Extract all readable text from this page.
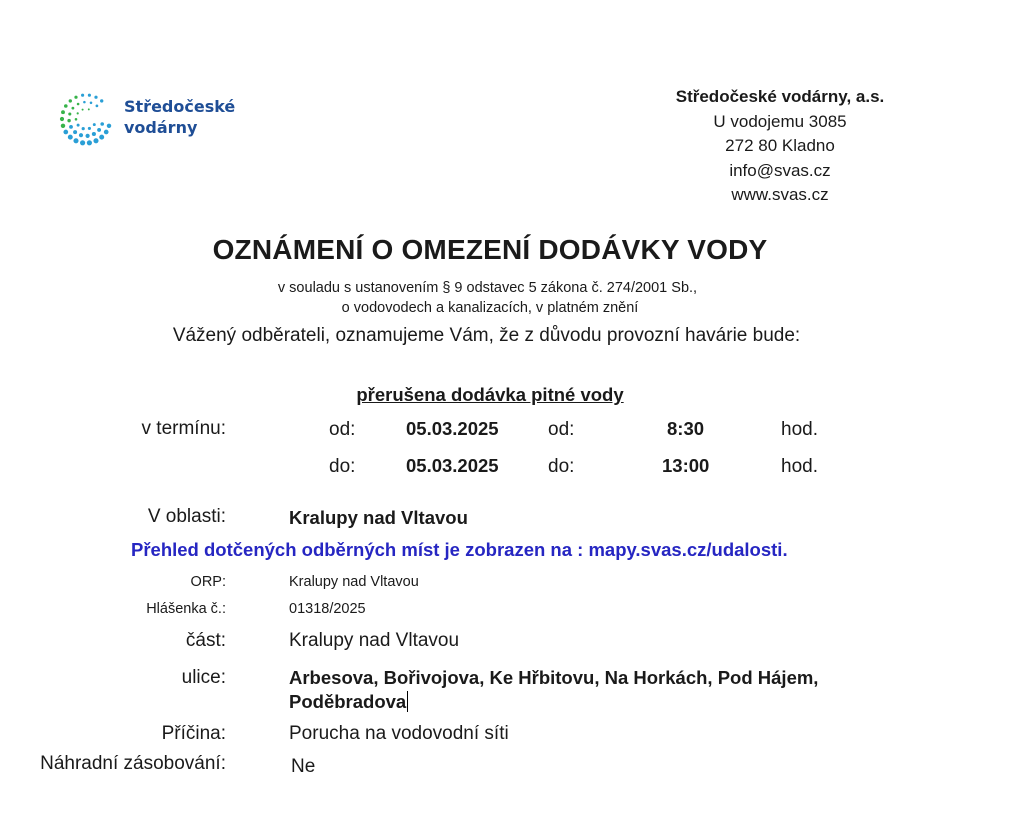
Středočeské
vodárny
Středočeské vodárny, a.s.
U vodojemu 3085
272 80 Kladno
info@svas.cz
www.svas.cz
OZNÁMENÍ O OMEZENÍ DODÁVKY VODY
v souladu s ustanovením § 9 odstavec 5 zákona č. 274/2001 Sb.,
o vodovodech a kanalizacích, v platném znění
Vážený odběrateli, oznamujeme Vám, že z důvodu provozní havárie bude:
přerušena dodávka pitné vody
v termínu:	od:	05.03.2025	od:	8:30	hod.
do:	05.03.2025	do:	13:00	hod.
V oblasti:	Kralupy nad Vltavou
Přehled dotčených odběrných míst je zobrazen na : mapy.svas.cz/udalosti.
ORP:	Kralupy nad Vltavou
Hlášenka č.:	01318/2025
část:	Kralupy nad Vltavou
ulice:	Arbesova, Bořivojova, Ke Hřbitovu, Na Horkách, Pod Hájem,
Poděbradova
Příčina:	Porucha na vodovodní síti
Náhradní zásobování:	Ne
